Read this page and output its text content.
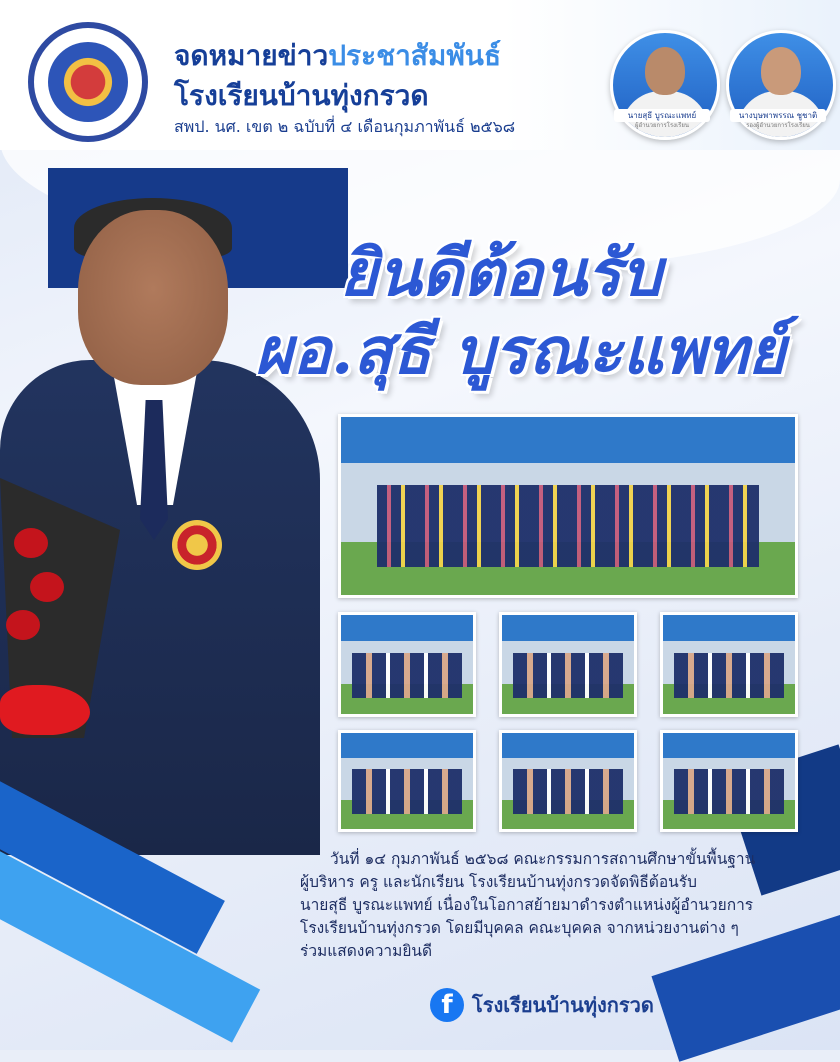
จดหมายข่าวประชาสัมพันธ์
โรงเรียนบ้านทุ่งกรวด
สพป. นศ. เขต ๒ ฉบับที่ ๔ เดือนกุมภาพันธ์ ๒๕๖๘
นายสุธี บูรณะแพทย์
ผู้อำนวยการโรงเรียน
นางบุษพาพรรณ ชูชาติ
รองผู้อำนวยการโรงเรียน
ยินดีต้อนรับ
ผอ.สุธี บูรณะแพทย์
วันที่ ๑๔ กุมภาพันธ์ ๒๕๖๘ คณะกรรมการสถานศึกษาขั้นพื้นฐาน
ผู้บริหาร ครู และนักเรียน โรงเรียนบ้านทุ่งกรวดจัดพิธีต้อนรับ
นายสุธี บูรณะแพทย์ เนื่องในโอกาสย้ายมาดำรงตำแหน่งผู้อำนวยการ
โรงเรียนบ้านทุ่งกรวด โดยมีบุคคล คณะบุคคล จากหน่วยงานต่าง ๆ
ร่วมแสดงความยินดี
f โรงเรียนบ้านทุ่งกรวด
